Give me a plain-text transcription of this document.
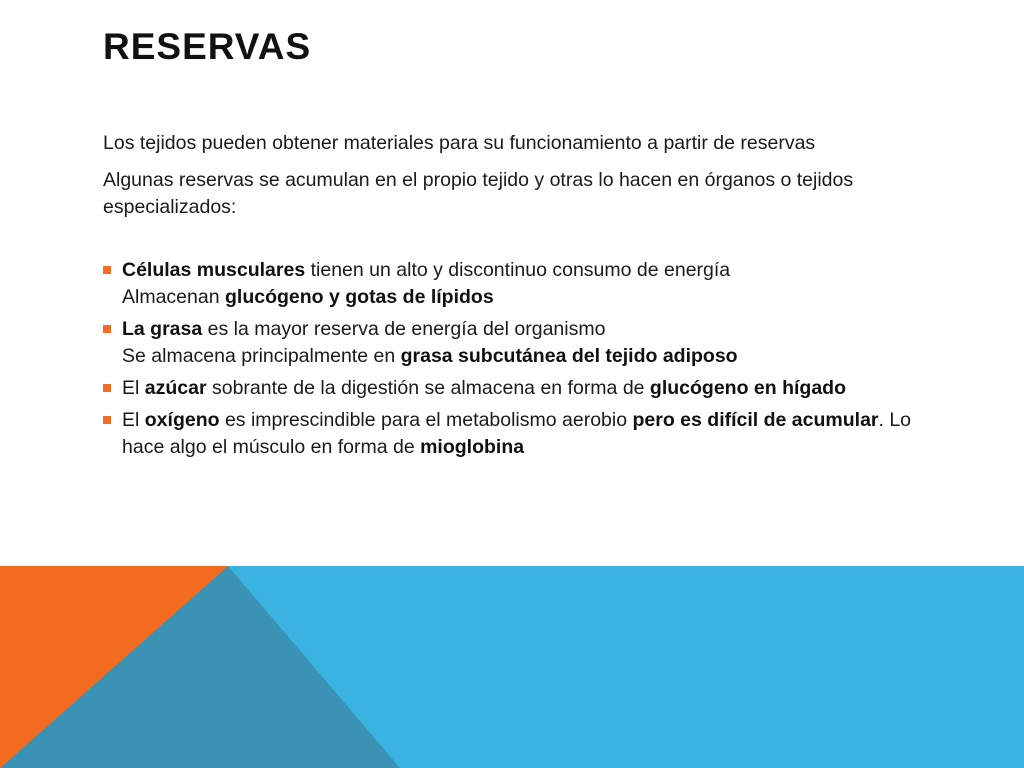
RESERVAS

Los tejidos pueden obtener materiales para su funcionamiento a partir de reservas

Algunas reservas se acumulan en el propio tejido y otras lo hacen en órganos o tejidos especializados:

Células musculares tienen un alto y discontinuo consumo de energía
Almacenan glucógeno y gotas de lípidos
La grasa es la mayor reserva de energía del organismo
Se almacena principalmente en grasa subcutánea del tejido adiposo
El azúcar sobrante de la digestión se almacena en forma de glucógeno en hígado
El oxígeno es imprescindible para el metabolismo aerobio pero es difícil de acumular. Lo hace algo el músculo en forma de mioglobina
